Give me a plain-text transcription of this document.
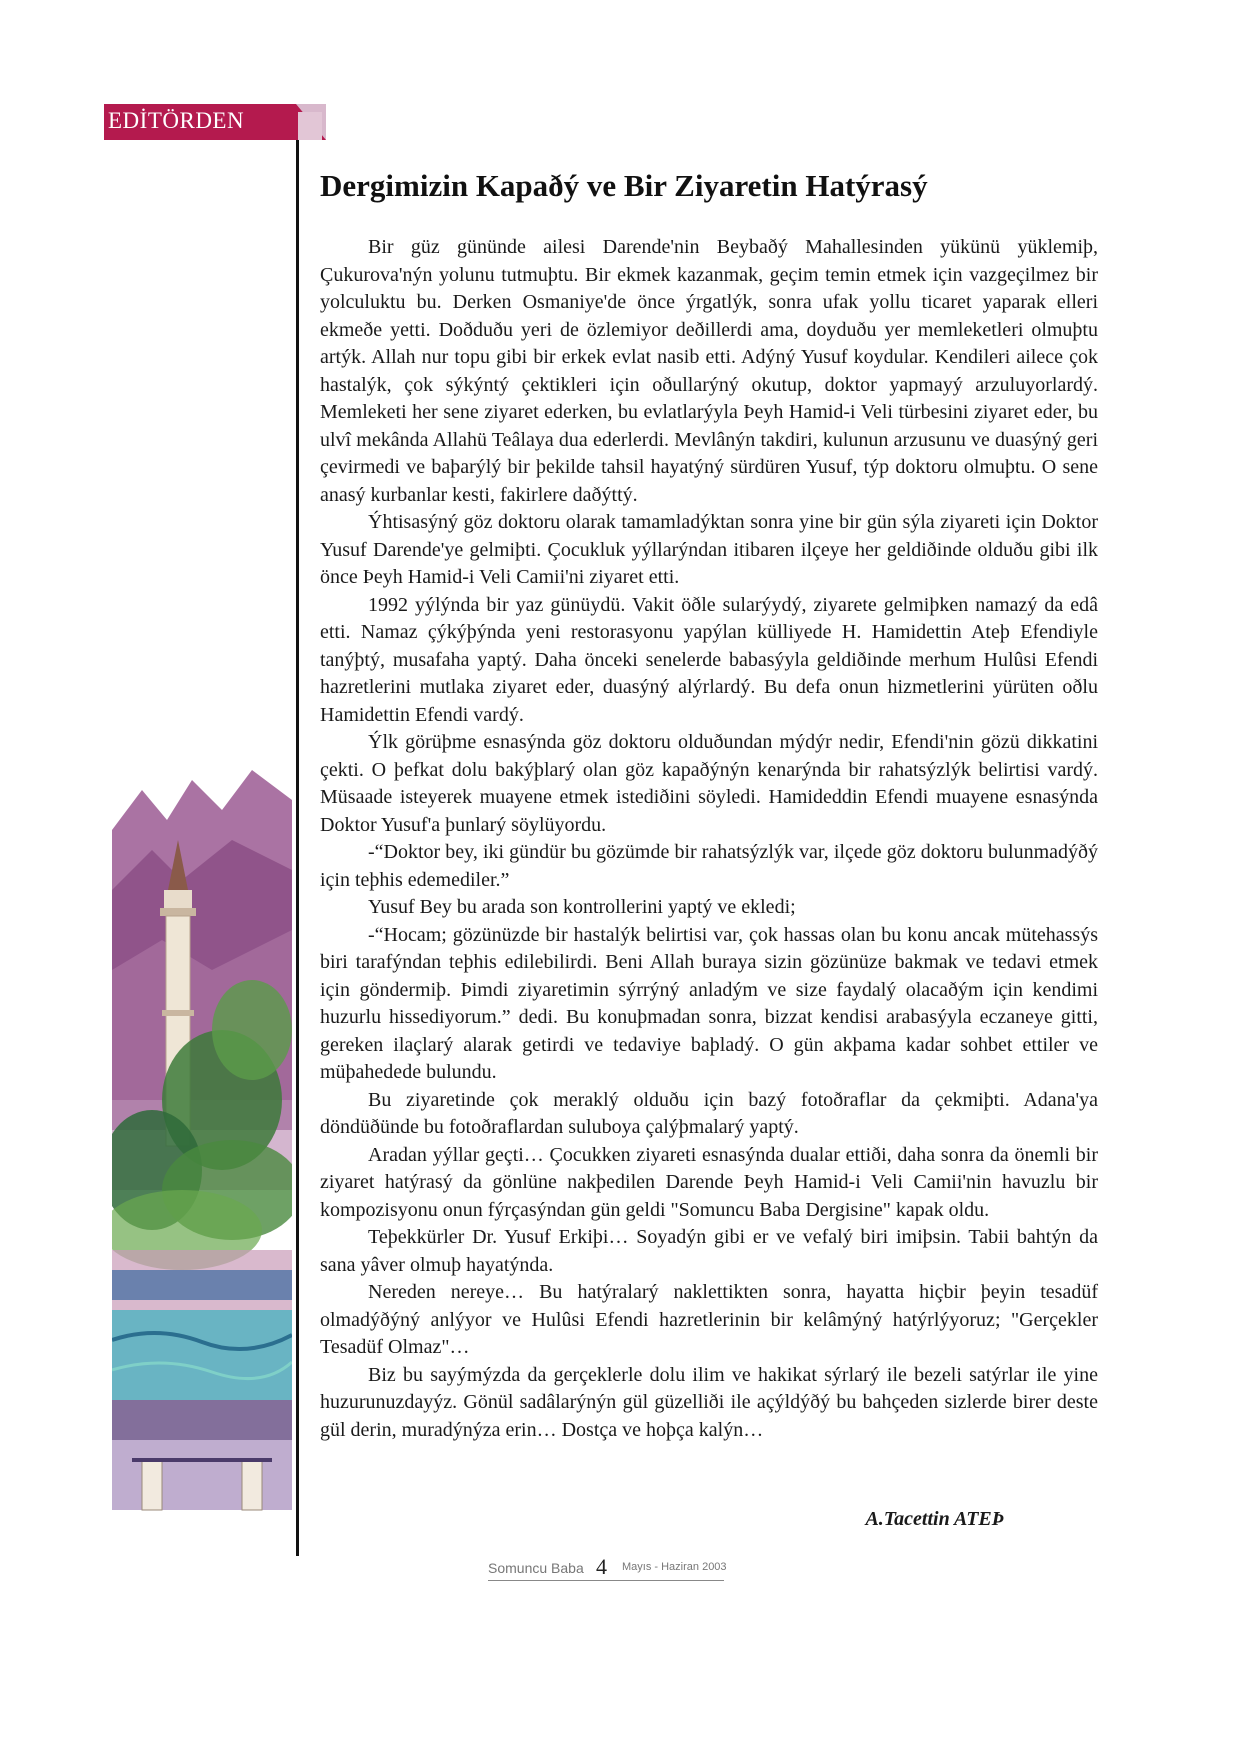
EDİTÖRDEN
Dergimizin Kapaðý ve Bir Ziyaretin Hatýrasý

Bir güz gününde ailesi Darende'nin Beybaðý Mahallesinden yükünü yüklemiþ, Çukurova'nýn yolunu tutmuþtu. Bir ekmek kazanmak, geçim temin etmek için vazgeçilmez bir yolculuktu bu. Derken Osmaniye'de önce ýrgatlýk, sonra ufak yollu ticaret yaparak elleri ekmeðe yetti. Doðduðu yeri de özlemiyor deðillerdi ama, doyduðu yer memleketleri olmuþtu artýk. Allah nur topu gibi bir erkek evlat nasib etti. Adýný Yusuf koydular. Kendileri ailece çok hastalýk, çok sýkýntý çektikleri için oðullarýný okutup, doktor yapmayý arzuluyorlardý. Memleketi her sene ziyaret ederken, bu evlatlarýyla Þeyh Hamid-i Veli türbesini ziyaret eder, bu ulvî mekânda Allahü Teâlaya dua ederlerdi. Mevlânýn takdiri, kulunun arzusunu ve duasýný geri çevirmedi ve baþarýlý bir þekilde tahsil hayatýný sürdüren Yusuf, týp doktoru olmuþtu. O sene anasý kurbanlar kesti, fakirlere daðýttý.

Ýhtisasýný göz doktoru olarak tamamladýktan sonra yine bir gün sýla ziyareti için Doktor Yusuf Darende'ye gelmiþti. Çocukluk yýllarýndan itibaren ilçeye her geldiðinde olduðu gibi ilk önce Þeyh Hamid-i Veli Camii'ni ziyaret etti.

1992 yýlýnda bir yaz günüydü. Vakit öðle sularýydý, ziyarete gelmiþken namazý da edâ etti. Namaz çýkýþýnda yeni restorasyonu yapýlan külliyede H. Hamidettin Ateþ Efendiyle tanýþtý, musafaha yaptý. Daha önceki senelerde babasýyla geldiðinde merhum Hulûsi Efendi hazretlerini mutlaka ziyaret eder, duasýný alýrlardý. Bu defa onun hizmetlerini yürüten oðlu Hamidettin Efendi vardý.

Ýlk görüþme esnasýnda göz doktoru olduðundan mýdýr nedir, Efendi'nin gözü dikkatini çekti. O þefkat dolu bakýþlarý olan göz kapaðýnýn kenarýnda bir rahatsýzlýk belirtisi vardý. Müsaade isteyerek muayene etmek istediðini söyledi. Hamideddin Efendi muayene esnasýnda Doktor Yusuf'a þunlarý söylüyordu.

-“Doktor bey, iki gündür bu gözümde bir rahatsýzlýk var, ilçede göz doktoru bulunmadýðý için teþhis edemediler.”

Yusuf Bey bu arada son kontrollerini yaptý ve ekledi;

-“Hocam; gözünüzde bir hastalýk belirtisi var, çok hassas olan bu konu ancak mütehassýs biri tarafýndan teþhis edilebilirdi. Beni Allah buraya sizin gözünüze bakmak ve tedavi etmek için göndermiþ. Þimdi ziyaretimin sýrrýný anladým ve size faydalý olacaðým için kendimi huzurlu hissediyorum.” dedi. Bu konuþmadan sonra, bizzat kendisi arabasýyla eczaneye gitti, gereken ilaçlarý alarak getirdi ve tedaviye baþladý. O gün akþama kadar sohbet ettiler ve müþahedede bulundu.

Bu ziyaretinde çok meraklý olduðu için bazý fotoðraflar da çekmiþti. Adana'ya döndüðünde bu fotoðraflardan suluboya çalýþmalarý yaptý.

Aradan yýllar geçti… Çocukken ziyareti esnasýnda dualar ettiði, daha sonra da önemli bir ziyaret hatýrasý da gönlüne nakþedilen Darende Þeyh Hamid-i Veli Camii'nin havuzlu bir kompozisyonu onun fýrçasýndan gün geldi "Somuncu Baba Dergisine" kapak oldu.

Teþekkürler Dr. Yusuf Erkiþi… Soyadýn gibi er ve vefalý biri imiþsin. Tabii bahtýn da sana yâver olmuþ hayatýnda.

Nereden nereye… Bu hatýralarý naklettikten sonra, hayatta hiçbir þeyin tesadüf olmadýðýný anlýyor ve Hulûsi Efendi hazretlerinin bir kelâmýný hatýrlýyoruz; "Gerçekler Tesadüf Olmaz"…

Biz bu sayýmýzda da gerçeklerle dolu ilim ve hakikat sýrlarý ile bezeli satýrlar ile yine huzurunuzdayýz. Gönül sadâlarýnýn gül güzelliði ile açýldýðý bu bahçeden sizlerde birer deste gül derin, muradýnýza erin… Dostça ve hoþça kalýn…

A.Tacettin ATEÞ
Somuncu Baba 4 Mayıs - Haziran 2003
